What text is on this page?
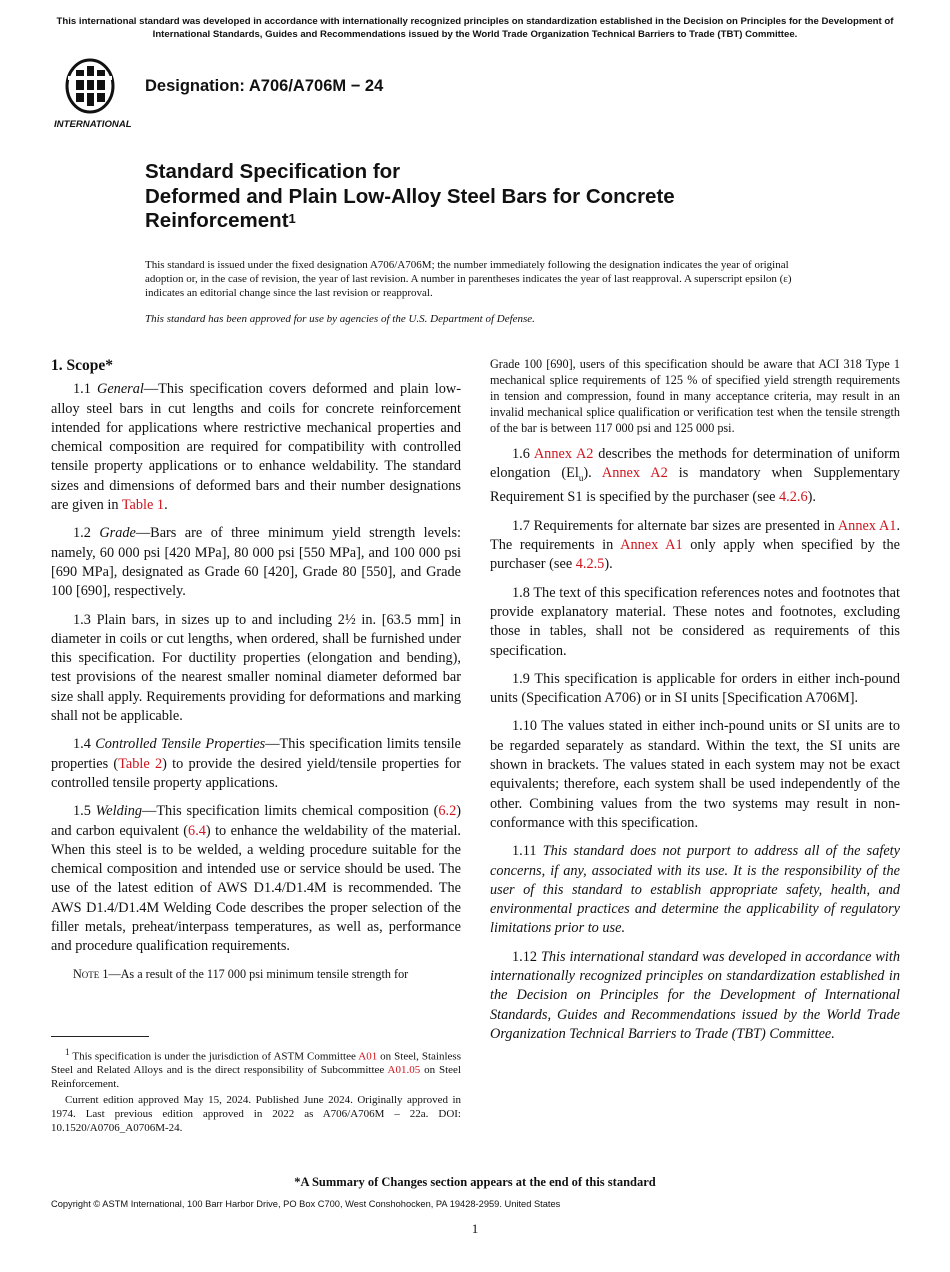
This international standard was developed in accordance with internationally recognized principles on standardization established in the Decision on Principles for the Development of International Standards, Guides and Recommendations issued by the World Trade Organization Technical Barriers to Trade (TBT) Committee.
INTERNATIONAL
Designation: A706/A706M − 24
Standard Specification for
Deformed and Plain Low-Alloy Steel Bars for Concrete
Reinforcement$^1$
This standard is issued under the fixed designation A706/A706M; the number immediately following the designation indicates the year of original adoption or, in the case of revision, the year of last revision. A number in parentheses indicates the year of last reapproval. A superscript epsilon (ε) indicates an editorial change since the last revision or reapproval.
This standard has been approved for use by agencies of the U.S. Department of Defense.
1. Scope*

1.1 General—This specification covers deformed and plain low-alloy steel bars in cut lengths and coils for concrete reinforcement intended for applications where restrictive mechanical properties and chemical composition are required for compatibility with controlled tensile property applications or to enhance weldability. The standard sizes and dimensions of deformed bars and their number designations are given in Table 1.

1.2 Grade—Bars are of three minimum yield strength levels: namely, 60 000 psi [420 MPa], 80 000 psi [550 MPa], and 100 000 psi [690 MPa], designated as Grade 60 [420], Grade 80 [550], and Grade 100 [690], respectively.

1.3 Plain bars, in sizes up to and including 2½ in. [63.5 mm] in diameter in coils or cut lengths, when ordered, shall be furnished under this specification. For ductility properties (elongation and bending), test provisions of the nearest smaller nominal diameter deformed bar size shall apply. Requirements providing for deformations and marking shall not be applicable.

1.4 Controlled Tensile Properties—This specification limits tensile properties (Table 2) to provide the desired yield/tensile properties for controlled tensile property applications.

1.5 Welding—This specification limits chemical composition (6.2) and carbon equivalent (6.4) to enhance the weldability of the material. When this steel is to be welded, a welding procedure suitable for the chemical composition and intended use or service should be used. The use of the latest edition of AWS D1.4/D1.4M is recommended. The AWS D1.4/D1.4M Welding Code describes the proper selection of the filler metals, preheat/interpass temperatures, as well as, performance and procedure qualification requirements.

Note 1—As a result of the 117 000 psi minimum tensile strength for

$^1$ This specification is under the jurisdiction of ASTM Committee A01 on Steel, Stainless Steel and Related Alloys and is the direct responsibility of Subcommittee A01.05 on Steel Reinforcement.

Current edition approved May 15, 2024. Published June 2024. Originally approved in 1974. Last previous edition approved in 2022 as A706/A706M – 22a. DOI: 10.1520/A0706_A0706M-24.

Grade 100 [690], users of this specification should be aware that ACI 318 Type 1 mechanical splice requirements of 125 % of specified yield strength requirements in tension and compression, found in many acceptance criteria, may result in an invalid mechanical splice qualification or verification test when the tensile strength of the bar is between 117 000 psi and 125 000 psi.

1.6 Annex A2 describes the methods for determination of uniform elongation $(El_u)$. Annex A2 is mandatory when Supplementary Requirement S1 is specified by the purchaser (see 4.2.6).

1.7 Requirements for alternate bar sizes are presented in Annex A1. The requirements in Annex A1 only apply when specified by the purchaser (see 4.2.5).

1.8 The text of this specification references notes and footnotes that provide explanatory material. These notes and footnotes, excluding those in tables, shall not be considered as requirements of this specification.

1.9 This specification is applicable for orders in either inch-pound units (Specification A706) or in SI units [Specification A706M].

1.10 The values stated in either inch-pound units or SI units are to be regarded separately as standard. Within the text, the SI units are shown in brackets. The values stated in each system may not be exact equivalents; therefore, each system shall be used independently of the other. Combining values from the two systems may result in non-conformance with this specification.

1.11 This standard does not purport to address all of the safety concerns, if any, associated with its use. It is the responsibility of the user of this standard to establish appropriate safety, health, and environmental practices and determine the applicability of regulatory limitations prior to use.

1.12 This international standard was developed in accordance with internationally recognized principles on standardization established in the Decision on Principles for the Development of International Standards, Guides and Recommendations issued by the World Trade Organization Technical Barriers to Trade (TBT) Committee.

*A Summary of Changes section appears at the end of this standard
Copyright © ASTM International, 100 Barr Harbor Drive, PO Box C700, West Conshohocken, PA 19428-2959. United States
1
